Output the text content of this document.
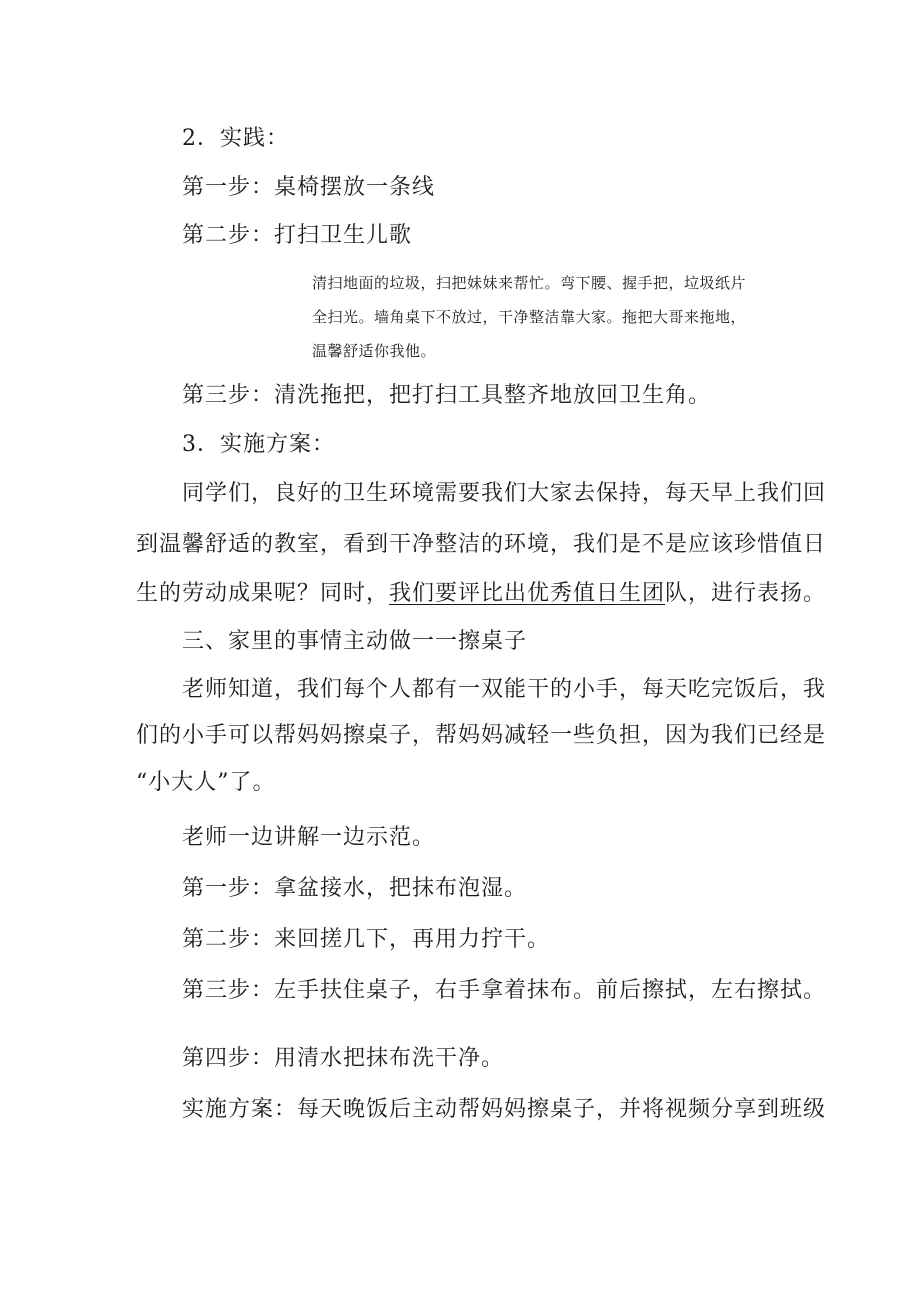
2．实践：
第一步：桌椅摆放一条线
第二步：打扫卫生儿歌
清扫地面的垃圾，扫把妹妹来帮忙。弯下腰、握手把，垃圾纸片
全扫光。墙角桌下不放过，干净整洁靠大家。拖把大哥来拖地，
温馨舒适你我他。
第三步：清洗拖把，把打扫工具整齐地放回卫生角。
3．实施方案：
同学们，良好的卫生环境需要我们大家去保持，每天早上我们回
到温馨舒适的教室，看到干净整洁的环境，我们是不是应该珍惜值日
生的劳动成果呢？同时，我们要评比出优秀值日生团队，进行表扬。
三、家里的事情主动做一一擦桌子
老师知道，我们每个人都有一双能干的小手，每天吃完饭后，我
们的小手可以帮妈妈擦桌子，帮妈妈减轻一些负担，因为我们已经是
“小大人”了。
老师一边讲解一边示范。
第一步：拿盆接水，把抹布泡湿。
第二步：来回搓几下，再用力拧干。
第三步：左手扶住桌子，右手拿着抹布。前后擦拭，左右擦拭。
第四步：用清水把抹布洗干净。
实施方案：每天晚饭后主动帮妈妈擦桌子，并将视频分享到班级
